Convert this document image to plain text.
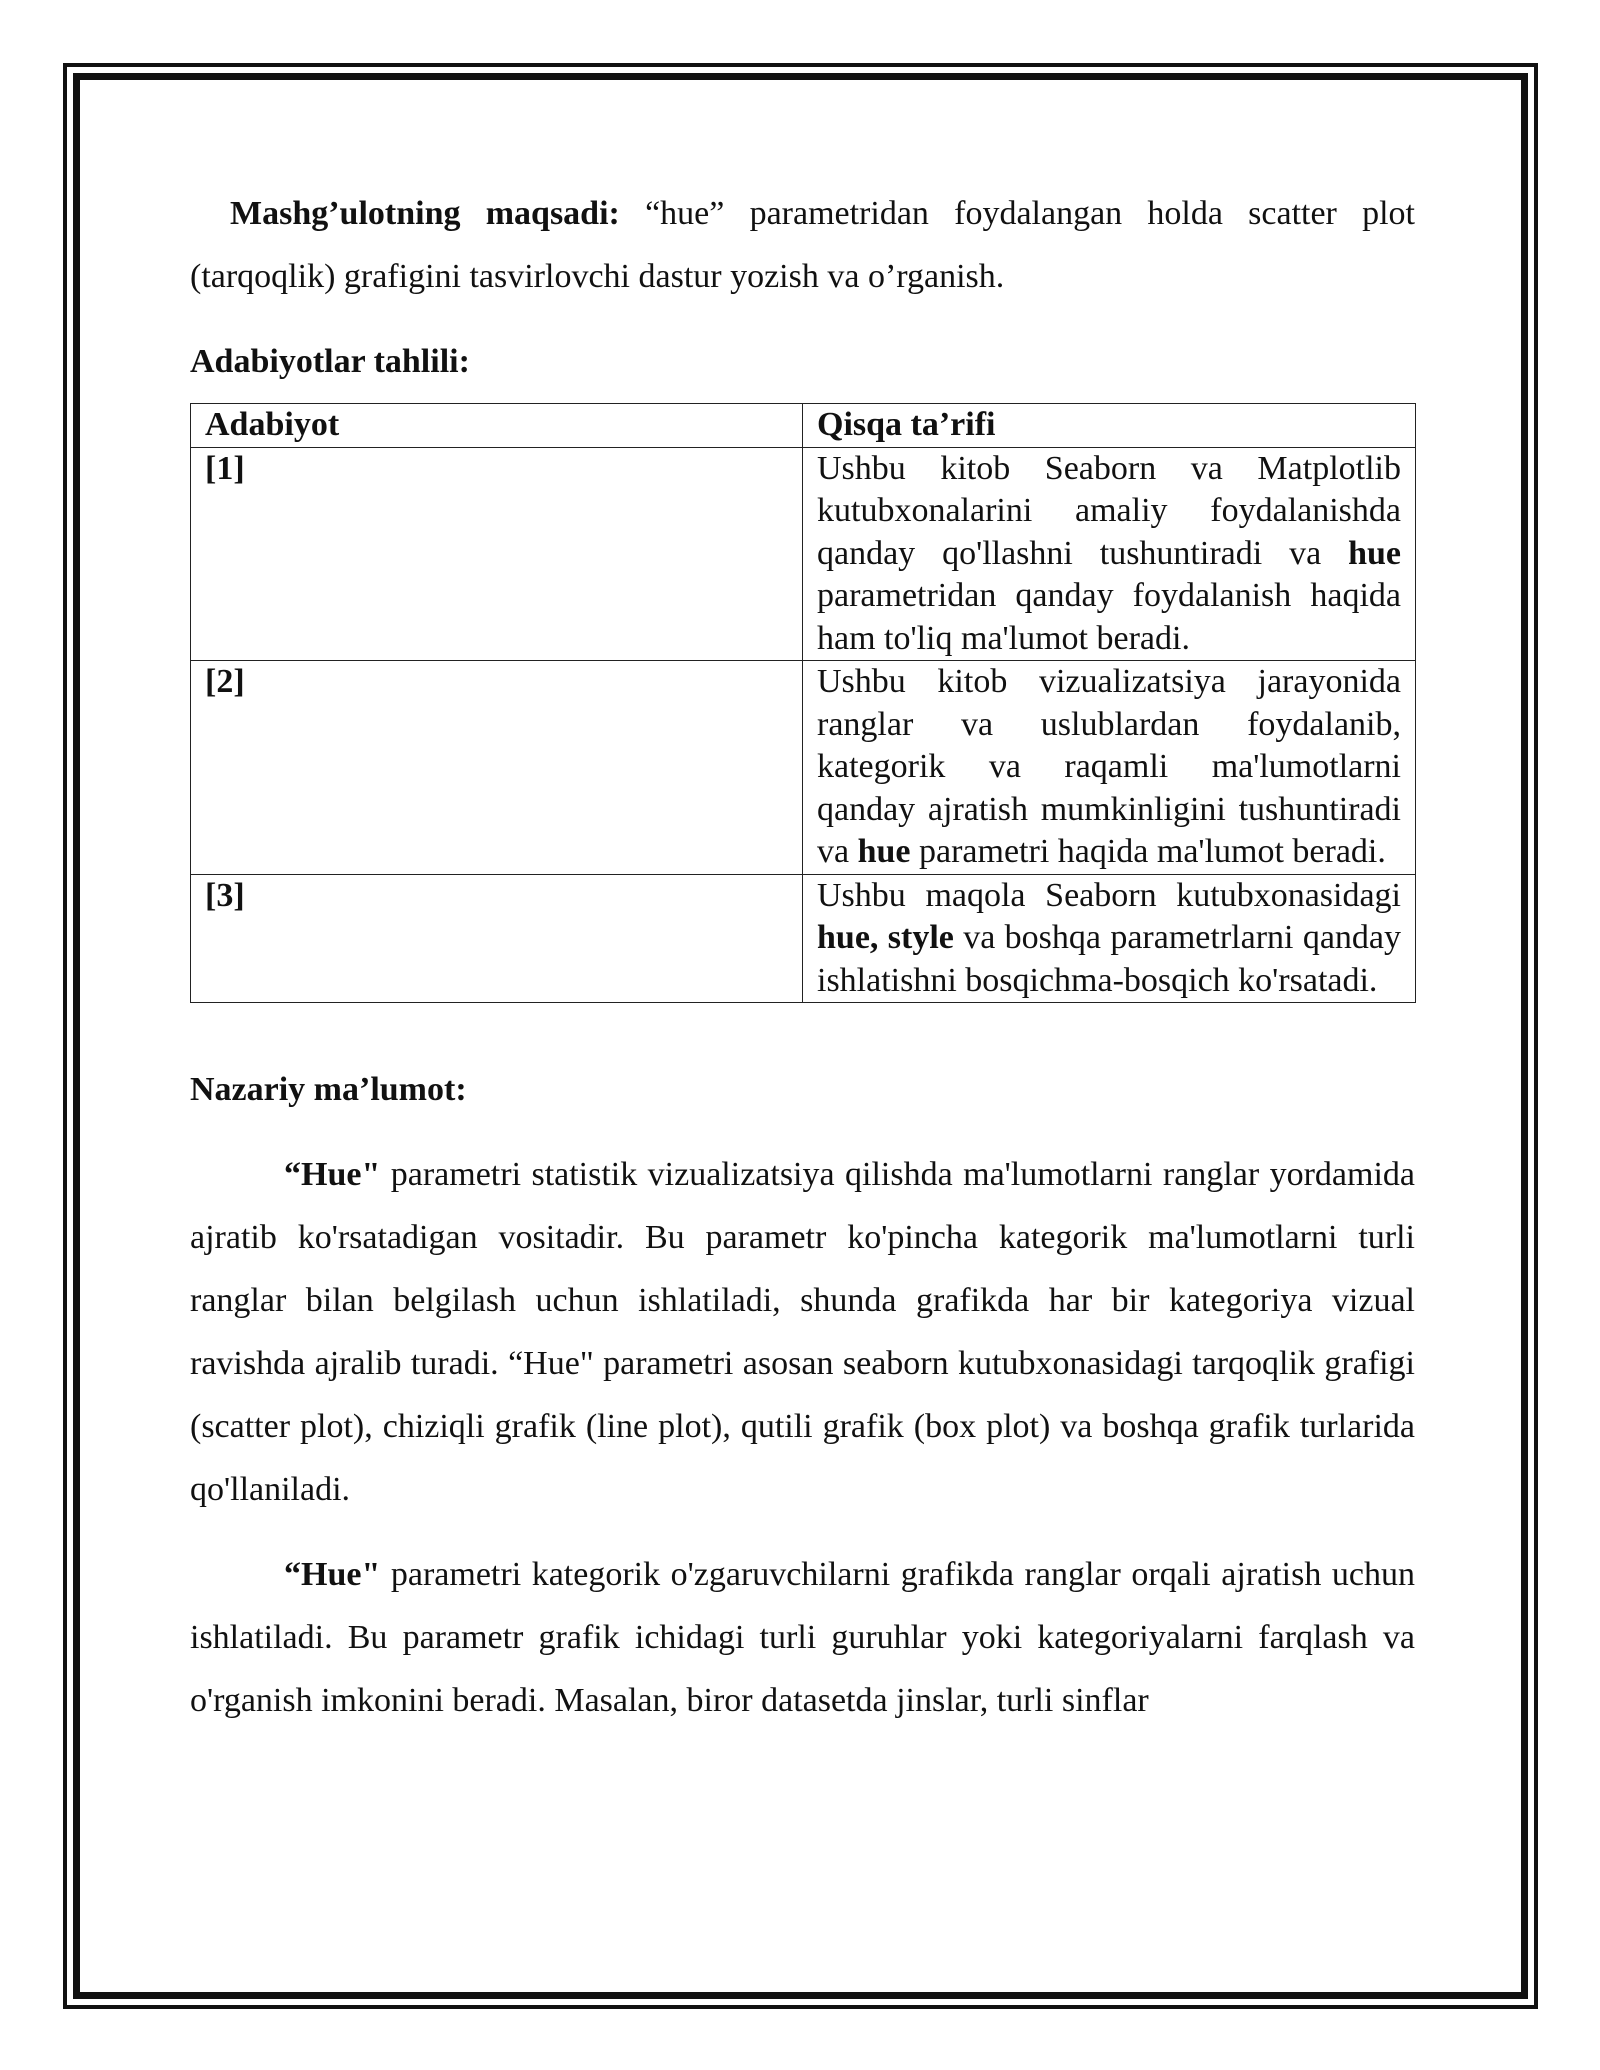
Mashg’ulotning maqsadi: “hue” parametridan foydalangan holda scatter plot (tarqoqlik) grafigini tasvirlovchi dastur yozish va o’rganish.

Adabiyotlar tahlili:

Adabiyot	Qisqa ta’rifi
[1]	Ushbu kitob Seaborn va Matplotlib kutubxonalarini amaliy foydalanishda qanday qo'llashni tushuntiradi va hue parametridan qanday foydalanish haqida ham to'liq ma'lumot beradi.
[2]	Ushbu kitob vizualizatsiya jarayonida ranglar va uslublardan foydalanib, kategorik va raqamli ma'lumotlarni qanday ajratish mumkinligini tushuntiradi va hue parametri haqida ma'lumot beradi.
[3]	Ushbu maqola Seaborn kutubxonasidagi hue, style va boshqa parametrlarni qanday ishlatishni bosqichma-bosqich ko'rsatadi.

Nazariy ma’lumot:

“Hue" parametri statistik vizualizatsiya qilishda ma'lumotlarni ranglar yordamida ajratib ko'rsatadigan vositadir. Bu parametr ko'pincha kategorik ma'lumotlarni turli ranglar bilan belgilash uchun ishlatiladi, shunda grafikda har bir kategoriya vizual ravishda ajralib turadi. “Hue" parametri asosan seaborn kutubxonasidagi tarqoqlik grafigi (scatter plot), chiziqli grafik (line plot), qutili grafik (box plot) va boshqa grafik turlarida qo'llaniladi.

“Hue" parametri kategorik o'zgaruvchilarni grafikda ranglar orqali ajratish uchun ishlatiladi. Bu parametr grafik ichidagi turli guruhlar yoki kategoriyalarni farqlash va o'rganish imkonini beradi. Masalan, biror datasetda jinslar, turli sinflar
